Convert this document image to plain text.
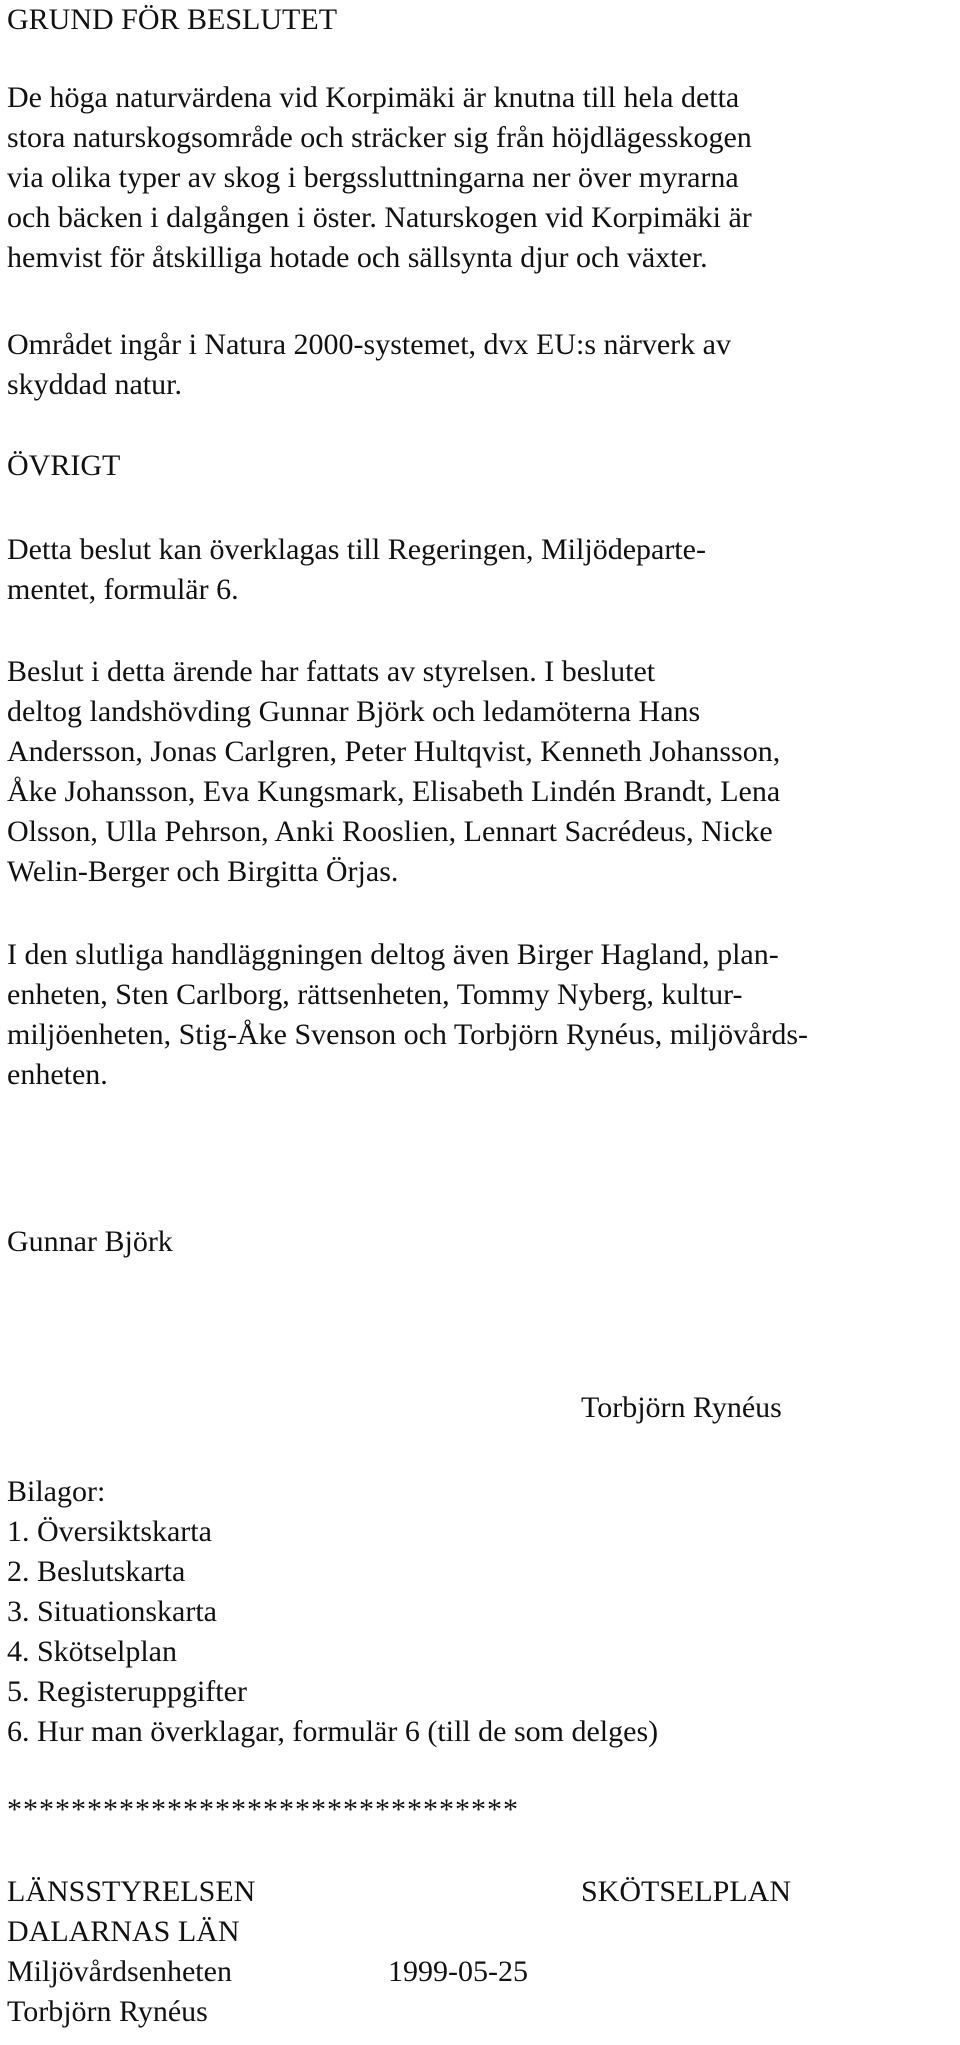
GRUND FÖR BESLUTET

De höga naturvärdena vid Korpimäki är knutna till hela detta

stora naturskogsområde och sträcker sig från höjdlägesskogen

via olika typer av skog i bergssluttningarna ner över myrarna

och bäcken i dalgången i öster. Naturskogen vid Korpimäki är

hemvist för åtskilliga hotade och sällsynta djur och växter.

Området ingår i Natura 2000-systemet, dvx EU:s närverk av

skyddad natur.

ÖVRIGT

Detta beslut kan överklagas till Regeringen, Miljödeparte-

mentet, formulär 6.

Beslut i detta ärende har fattats av styrelsen. I beslutet

deltog landshövding Gunnar Björk och ledamöterna Hans

Andersson, Jonas Carlgren, Peter Hultqvist, Kenneth Johansson,

Åke Johansson, Eva Kungsmark, Elisabeth Lindén Brandt, Lena

Olsson, Ulla Pehrson, Anki Rooslien, Lennart Sacrédeus, Nicke

Welin-Berger och Birgitta Örjas.

I den slutliga handläggningen deltog även Birger Hagland, plan-

enheten, Sten Carlborg, rättsenheten, Tommy Nyberg, kultur-

miljöenheten, Stig-Åke Svenson och Torbjörn Rynéus, miljövårds-

enheten.

Gunnar Björk

Torbjörn Rynéus

Bilagor:

1. Översiktskarta

2. Beslutskarta

3. Situationskarta

4. Skötselplan

5. Registeruppgifter

6. Hur man överklagar, formulär 6 (till de som delges)

********************************

LÄNSSTYRELSEN	SKÖTSELPLAN

DALARNAS LÄN

Miljövårdsenheten	1999-05-25

Torbjörn Rynéus
